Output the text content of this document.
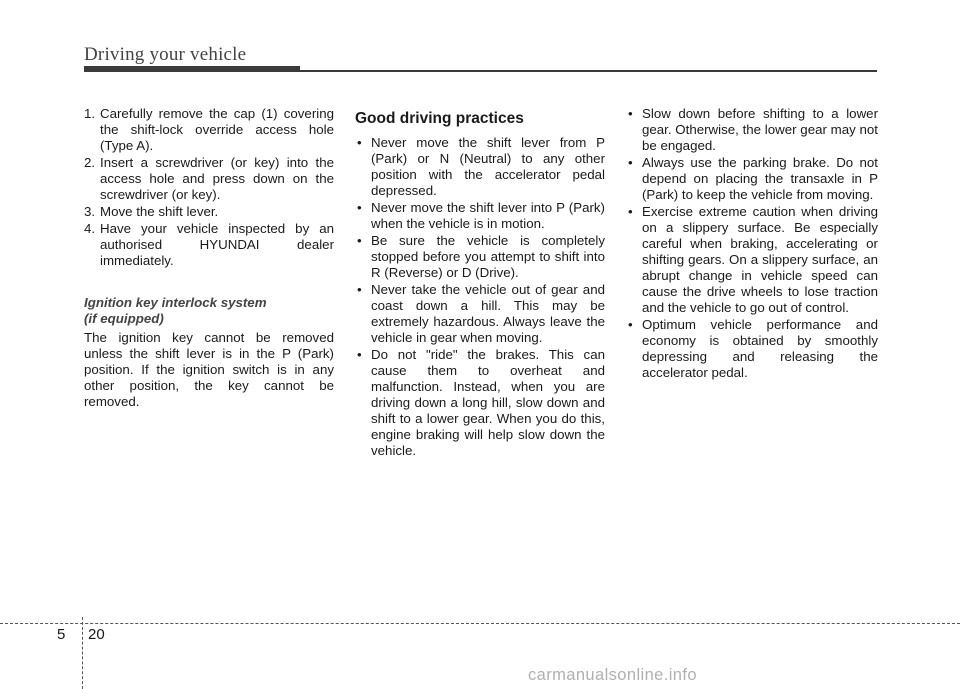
Driving your vehicle
1. Carefully remove the cap (1) covering the shift-lock override access hole (Type A).
2. Insert a screwdriver (or key) into the access hole and press down on the screwdriver (or key).
3. Move the shift lever.
4. Have your vehicle inspected by an authorised HYUNDAI dealer immediately.
Ignition key interlock system
(if equipped)

The ignition key cannot be removed unless the shift lever is in the P (Park) position. If the ignition switch is in any other position, the key cannot be removed.

Good driving practices
• Never move the shift lever from P (Park) or N (Neutral) to any other position with the accelerator pedal depressed.
• Never move the shift lever into P (Park) when the vehicle is in motion.
• Be sure the vehicle is completely stopped before you attempt to shift into R (Reverse) or D (Drive).
• Never take the vehicle out of gear and coast down a hill. This may be extremely hazardous. Always leave the vehicle in gear when moving.
• Do not "ride" the brakes. This can cause them to overheat and malfunction. Instead, when you are driving down a long hill, slow down and shift to a lower gear. When you do this, engine braking will help slow down the vehicle.
• Slow down before shifting to a lower gear. Otherwise, the lower gear may not be engaged.
• Always use the parking brake. Do not depend on placing the transaxle in P (Park) to keep the vehicle from moving.
• Exercise extreme caution when driving on a slippery surface. Be especially careful when braking, accelerating or shifting gears. On a slippery surface, an abrupt change in vehicle speed can cause the drive wheels to lose traction and the vehicle to go out of control.
• Optimum vehicle performance and economy is obtained by smoothly depressing and releasing the accelerator pedal.
5 20
carmanualsonline.info
